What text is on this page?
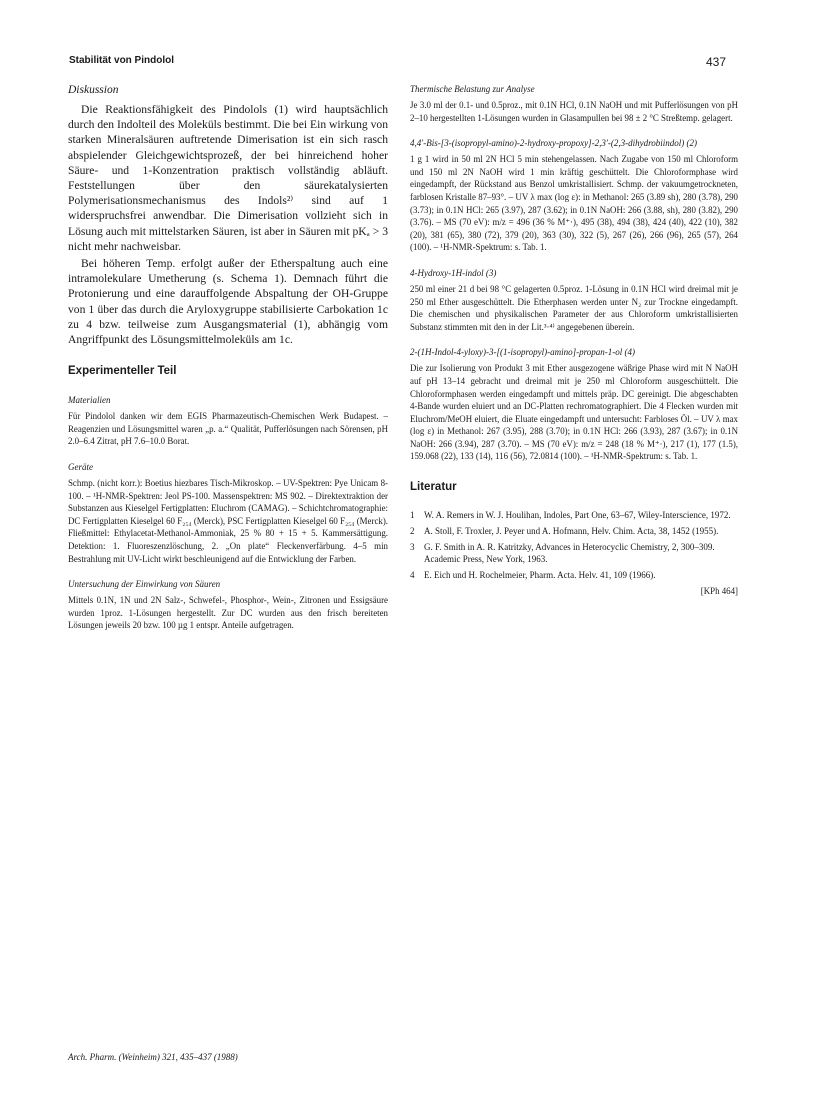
Stabilität von Pindolol	437

Diskussion

Die Reaktionsfähigkeit des Pindolols (1) wird hauptsächlich durch den Indolteil des Moleküls bestimmt. Die bei Ein wirkung von starken Mineralsäuren auftretende Dimerisation ist ein sich rasch abspielender Gleichgewichtsprozeß, der bei hinreichend hoher Säure- und 1-Konzentration praktisch vollständig abläuft. Feststellungen über den säurekatalysierten Polymerisationsmechanismus des Indols²⁾ sind auf 1 widerspruchsfrei anwendbar. Die Dimerisation vollzieht sich in Lösung auch mit mittelstarken Säuren, ist aber in Säuren mit pKₐ > 3 nicht mehr nachweisbar.

Bei höheren Temp. erfolgt außer der Etherspaltung auch eine intramolekulare Umetherung (s. Schema 1). Demnach führt die Protonierung und eine darauffolgende Abspaltung der OH-Gruppe von 1 über das durch die Aryloxygruppe stabilisierte Carbokation 1c zu 4 bzw. teilweise zum Ausgangsmaterial (1), abhängig vom Angriffpunkt des Lösungsmittelmoleküls am 1c.

Experimenteller Teil

Materialien

Für Pindolol danken wir dem EGIS Pharmazeutisch-Chemischen Werk Budapest. – Reagenzien und Lösungsmittel waren „p. a.“ Qualität, Pufferlösungen nach Sörensen, pH 2.0–6.4 Zitrat, pH 7.6–10.0 Borat.

Geräte

Schmp. (nicht korr.): Boetius hiezbares Tisch-Mikroskop. – UV-Spektren: Pye Unicam 8-100. – ¹H-NMR-Spektren: Jeol PS-100. Massenspektren: MS 902. – Direktextraktion der Substanzen aus Kieselgel Fertigplatten: Eluchrom (CAMAG). – Schichtchromatographie: DC Fertigplatten Kieselgel 60 F₂₅₄ (Merck), PSC Fertigplatten Kieselgel 60 F₂₅₄ (Merck). Fließmittel: Ethylacetat-Methanol-Ammoniak, 25 % 80 + 15 + 5. Kammersättigung. Detektion: 1. Fluoreszenzlöschung, 2. „On plate“ Fleckenverfärbung. 4–5 min Bestrahlung mit UV-Licht wirkt beschleunigend auf die Entwicklung der Farben.

Untersuchung der Einwirkung von Säuren

Mittels 0.1N, 1N und 2N Salz-, Schwefel-, Phosphor-, Wein-, Zitronen und Essigsäure wurden 1proz. 1-Lösungen hergestellt. Zur DC wurden aus den frisch bereiteten Lösungen jeweils 20 bzw. 100 µg 1 entspr. Anteile aufgetragen.

Thermische Belastung zur Analyse

Je 3.0 ml der 0.1- und 0.5proz., mit 0.1N HCl, 0.1N NaOH und mit Pufferlösungen von pH 2–10 hergestellten 1-Lösungen wurden in Glasampullen bei 98 ± 2 °C Streßtemp. gelagert.

4,4′-Bis-[3-(isopropyl-amino)-2-hydroxy-propoxy]-2,3′-(2,3-dihydrobiindol) (2)

1 g 1 wird in 50 ml 2N HCl 5 min stehengelassen. Nach Zugabe von 150 ml Chloroform und 150 ml 2N NaOH wird 1 min kräftig geschüttelt. Die Chloroformphase wird eingedampft, der Rückstand aus Benzol umkristallisiert. Schmp. der vakuumgetrockneten, farblosen Kristalle 87–93°. – UV λ max (log ε): in Methanol: 265 (3.89 sh), 280 (3.78), 290 (3.73); in 0.1N HCl: 265 (3.97), 287 (3.62); in 0.1N NaOH: 266 (3.88, sh), 280 (3.82), 290 (3.76). – MS (70 eV): m/z = 496 (36 % M⁺·), 495 (38), 494 (38), 424 (40), 422 (10), 382 (20), 381 (65), 380 (72), 379 (20), 363 (30), 322 (5), 267 (26), 266 (96), 265 (57), 264 (100). – ¹H-NMR-Spektrum: s. Tab. 1.

4-Hydroxy-1H-indol (3)

250 ml einer 21 d bei 98 °C gelagerten 0.5proz. 1-Lösung in 0.1N HCl wird dreimal mit je 250 ml Ether ausgeschüttelt. Die Etherphasen werden unter N₂ zur Trockne eingedampft. Die chemischen und physikalischen Parameter der aus Chloroform umkristallisierten Substanz stimmten mit den in der Lit.³·⁴⁾ angegebenen überein.

2-(1H-Indol-4-yloxy)-3-[(1-isopropyl)-amino]-propan-1-ol (4)

Die zur Isolierung von Produkt 3 mit Ether ausgezogene wäßrige Phase wird mit N NaOH auf pH 13–14 gebracht und dreimal mit je 250 ml Chloroform ausgeschüttelt. Die Chloroformphasen werden eingedampft und mittels präp. DC gereinigt. Die abgeschabten 4-Bande wurden eluiert und an DC-Platten rechromatographiert. Die 4 Flecken wurden mit Eluchrom/MeOH eluiert, die Eluate eingedampft und untersucht: Farbloses Öl. – UV λ max (log ε) in Methanol: 267 (3.95), 288 (3.70); in 0.1N HCl: 266 (3.93), 287 (3.67); in 0.1N NaOH: 266 (3.94), 287 (3.70). – MS (70 eV): m/z = 248 (18 % M⁺·), 217 (1), 177 (1.5), 159.068 (22), 133 (14), 116 (56), 72.0814 (100). – ¹H-NMR-Spektrum: s. Tab. 1.

Literatur

1	W. A. Remers in W. J. Houlihan, Indoles, Part One, 63–67, Wiley-Interscience, 1972.
2	A. Stoll, F. Troxler, J. Peyer und A. Hofmann, Helv. Chim. Acta, 38, 1452 (1955).
3	G. F. Smith in A. R. Katritzky, Advances in Heterocyclic Chemistry, 2, 300–309. Academic Press, New York, 1963.
4	E. Eich und H. Rochelmeier, Pharm. Acta. Helv. 41, 109 (1966).
[KPh 464]
Arch. Pharm. (Weinheim) 321, 435–437 (1988)
